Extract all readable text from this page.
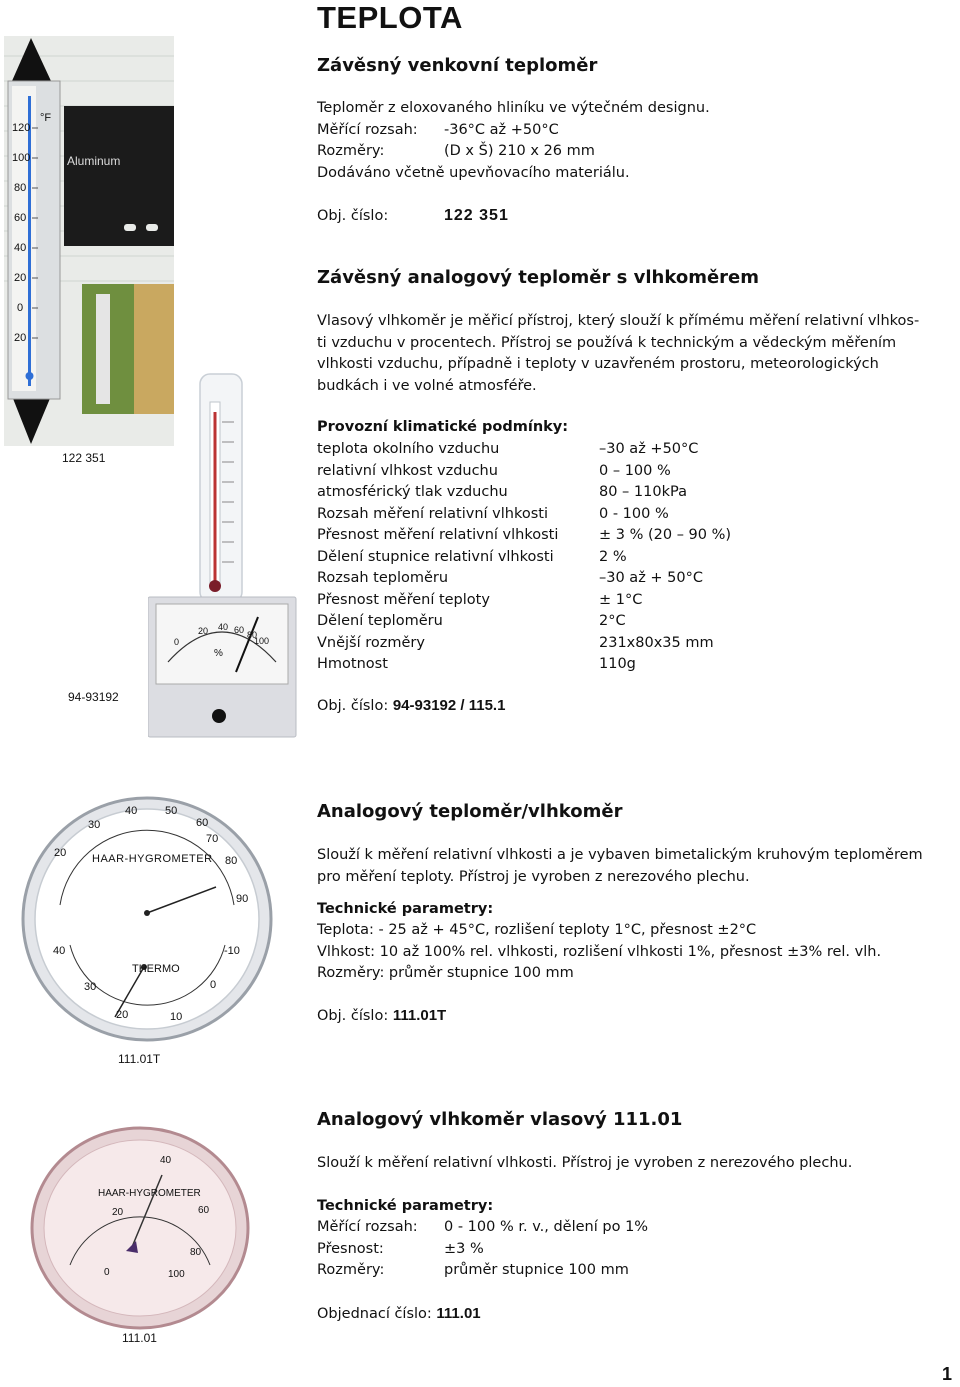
TEPLOTA
Aluminum
°F
120
100
80
60
40
20
0
20
122 351
Závěsný venkovní teploměr
Teploměr z eloxovaného hliníku ve výtečném designu.
Měřící rozsah:	-36°C až +50°C
Rozměry:	(D x Š) 210 x 26 mm
Dodáváno včetně upevňovacího materiálu.
Obj. číslo:	122 351
Závěsný analogový teploměr s vlhkoměrem
Vlasový vlhkoměr je měřicí přístroj, který slouží k přímému měření relativní vlhkos-
ti vzduchu v procentech. Přístroj se používá k technickým a vědeckým měřením
vlhkosti vzduchu, případně i teploty v uzavřeném prostoru, meteorologických
budkách i ve volné atmosféře.
Provozní klimatické podmínky:
teplota okolního vzduchu	–30 až +50°C
relativní vlhkost vzduchu	0 – 100 %
atmosférický tlak vzduchu	80 – 110kPa
Rozsah měření relativní vlhkosti	0 - 100 %
Přesnost měření relativní vlhkosti	± 3 % (20 – 90 %)
Dělení stupnice relativní vlhkosti	2 %
Rozsah teploměru	–30 až + 50°C
Přesnost měření teploty	± 1°C
Dělení teploměru	2°C
Vnější rozměry	231x80x35 mm
Hmotnost	110g
Obj. číslo: 94-93192 / 115.1
0
20 40 60 80
100
%
94-93192
HAAR-HYGROMETER
THERMO
20
30
40	50
60
70
80
90
40
30
20	10
0
-10
111.01T
Analogový teploměr/vlhkoměr
Slouží k měření relativní vlhkosti a je vybaven bimetalickým kruhovým teploměrem
pro měření teploty. Přístroj je vyroben z nerezového plechu.
Technické parametry:
Teplota: - 25 až + 45°C, rozlišení teploty 1°C, přesnost ±2°C
Vlhkost: 10 až 100% rel. vlhkosti, rozlišení vlhkosti 1%, přesnost ±3% rel. vlh.
Rozměry: průměr stupnice 100 mm
Obj. číslo: 111.01T
HAAR-HYGROMETER
0
20
40
60
80
100
111.01
Analogový vlhkoměr vlasový 111.01
Slouží k měření relativní vlhkosti. Přístroj je vyroben z nerezového plechu.
Technické parametry:
Měřící rozsah:	0 - 100 % r. v., dělení po 1%
Přesnost:	±3 %
Rozměry:	průměr stupnice 100 mm
Objednací číslo: 111.01
1
